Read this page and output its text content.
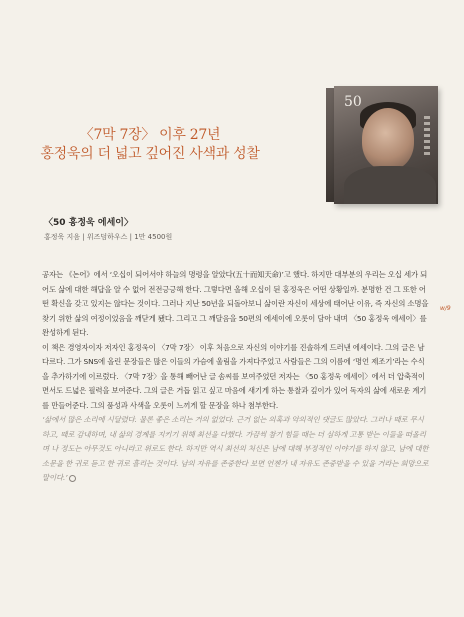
〈7막 7장〉 이후 27년
홍정욱의 더 넓고 깊어진 사색과 성찰
50
〈50 홍정욱 에세이〉
홍정욱 지음 | 위즈덤하우스 | 1만 4500원
w/9

공자는 《논어》에서 ‘오십이 되어서야 하늘의 명령을 알았다(五十而知天命)’고 했다. 하지만 대부분의 우리는 오십 세가 되어도 삶에 대한 해답을 알 수 없어 전전긍긍해 한다. 그렇다면 올해 오십이 된 홍정욱은 어떤 상황일까. 분명한 건 그 또한 어떤 확신을 갖고 있지는 않다는 것이다. 그러나 지난 50년을 되돌아보니 삶이란 자신이 세상에 태어난 이유, 즉 자신의 소명을 찾기 위한 삶의 여정이었음을 깨닫게 됐다. 그리고 그 깨달음을 50편의 에세이에 오롯이 담아 내며 〈50 홍정욱 에세이〉를 완성하게 된다.

이 책은 경영자이자 저자인 홍정욱이 〈7막 7장〉 이후 처음으로 자신의 이야기를 진솔하게 드러낸 에세이다. 그의 글은 남다르다. 그가 SNS에 올린 문장들은 많은 이들의 가슴에 울림을 가져다주었고 사람들은 그의 이름에 ‘명언 제조기’라는 수식을 추가하기에 이르렀다. 〈7막 7장〉을 통해 빼어난 글 솜씨를 보여주었던 저자는 〈50 홍정욱 에세이〉에서 더 압축적이면서도 드넓은 필력을 보여준다. 그의 글은 거듭 읽고 싶고 마음에 새기게 하는 통찰과 깊이가 있어 독자의 삶에 새로운 계기를 만들어준다. 그의 품성과 사색을 오롯이 느끼게 할 문장을 하나 첨부한다.

‘삶에서 많은 소리에 시달렸다. 물론 좋은 소리는 거의 없었다. 근거 없는 의혹과 악의적인 댓글도 많았다. 그러나 때로 무시하고, 때로 감내하며, 내 삶의 경계를 지키기 위해 최선을 다했다. 가끔씩 참기 힘들 때는 더 심하게 고통 받는 이들을 떠올리며 나 정도는 아무것도 아니라고 위로도 한다. 하지만 역시 최선의 처신은 남에 대해 부정적인 이야기를 하지 않고, 남에 대한 소문을 한 귀로 듣고 한 귀로 흘리는 것이다. 남의 자유를 존중한다 보면 언젠가 내 자유도 존중받을 수 있을 거라는 희망으로 말이다.’
